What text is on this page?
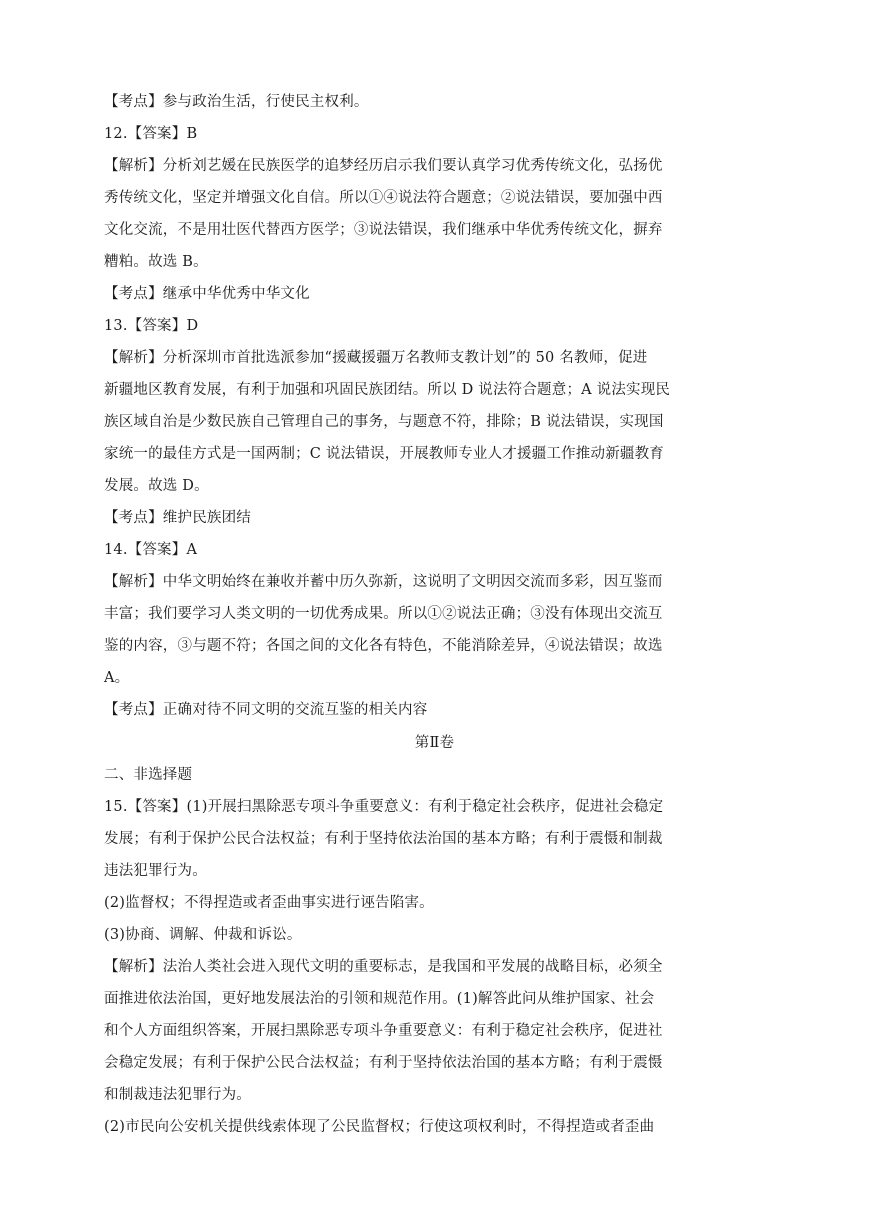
【考点】参与政治生活，行使民主权利。
12.【答案】B
【解析】分析刘艺媛在民族医学的追梦经历启示我们要认真学习优秀传统文化，弘扬优
秀传统文化，坚定并增强文化自信。所以①④说法符合题意；②说法错误，要加强中西
文化交流，不是用壮医代替西方医学；③说法错误，我们继承中华优秀传统文化，摒弃
糟粕。故选 B。
【考点】继承中华优秀中华文化
13.【答案】D
【解析】分析深圳市首批选派参加“援藏援疆万名教师支教计划”的 50 名教师，促进
新疆地区教育发展，有利于加强和巩固民族团结。所以 D 说法符合题意；A 说法实现民
族区域自治是少数民族自己管理自己的事务，与题意不符，排除；B 说法错误，实现国
家统一的最佳方式是一国两制；C 说法错误，开展教师专业人才援疆工作推动新疆教育
发展。故选 D。
【考点】维护民族团结
14.【答案】A
【解析】中华文明始终在兼收并蓄中历久弥新，这说明了文明因交流而多彩，因互鉴而
丰富；我们要学习人类文明的一切优秀成果。所以①②说法正确；③没有体现出交流互
鉴的内容，③与题不符；各国之间的文化各有特色，不能消除差异，④说法错误；故选
A。
【考点】正确对待不同文明的交流互鉴的相关内容
第Ⅱ卷
二、非选择题
15.【答案】(1)开展扫黑除恶专项斗争重要意义：有利于稳定社会秩序，促进社会稳定
发展；有利于保护公民合法权益；有利于坚持依法治国的基本方略；有利于震慑和制裁
违法犯罪行为。
(2)监督权；不得捏造或者歪曲事实进行诬告陷害。
(3)协商、调解、仲裁和诉讼。
【解析】法治人类社会进入现代文明的重要标志，是我国和平发展的战略目标，必须全
面推进依法治国，更好地发展法治的引领和规范作用。(1)解答此问从维护国家、社会
和个人方面组织答案，开展扫黑除恶专项斗争重要意义：有利于稳定社会秩序，促进社
会稳定发展；有利于保护公民合法权益；有利于坚持依法治国的基本方略；有利于震慑
和制裁违法犯罪行为。
(2)市民向公安机关提供线索体现了公民监督权；行使这项权利时，不得捏造或者歪曲
